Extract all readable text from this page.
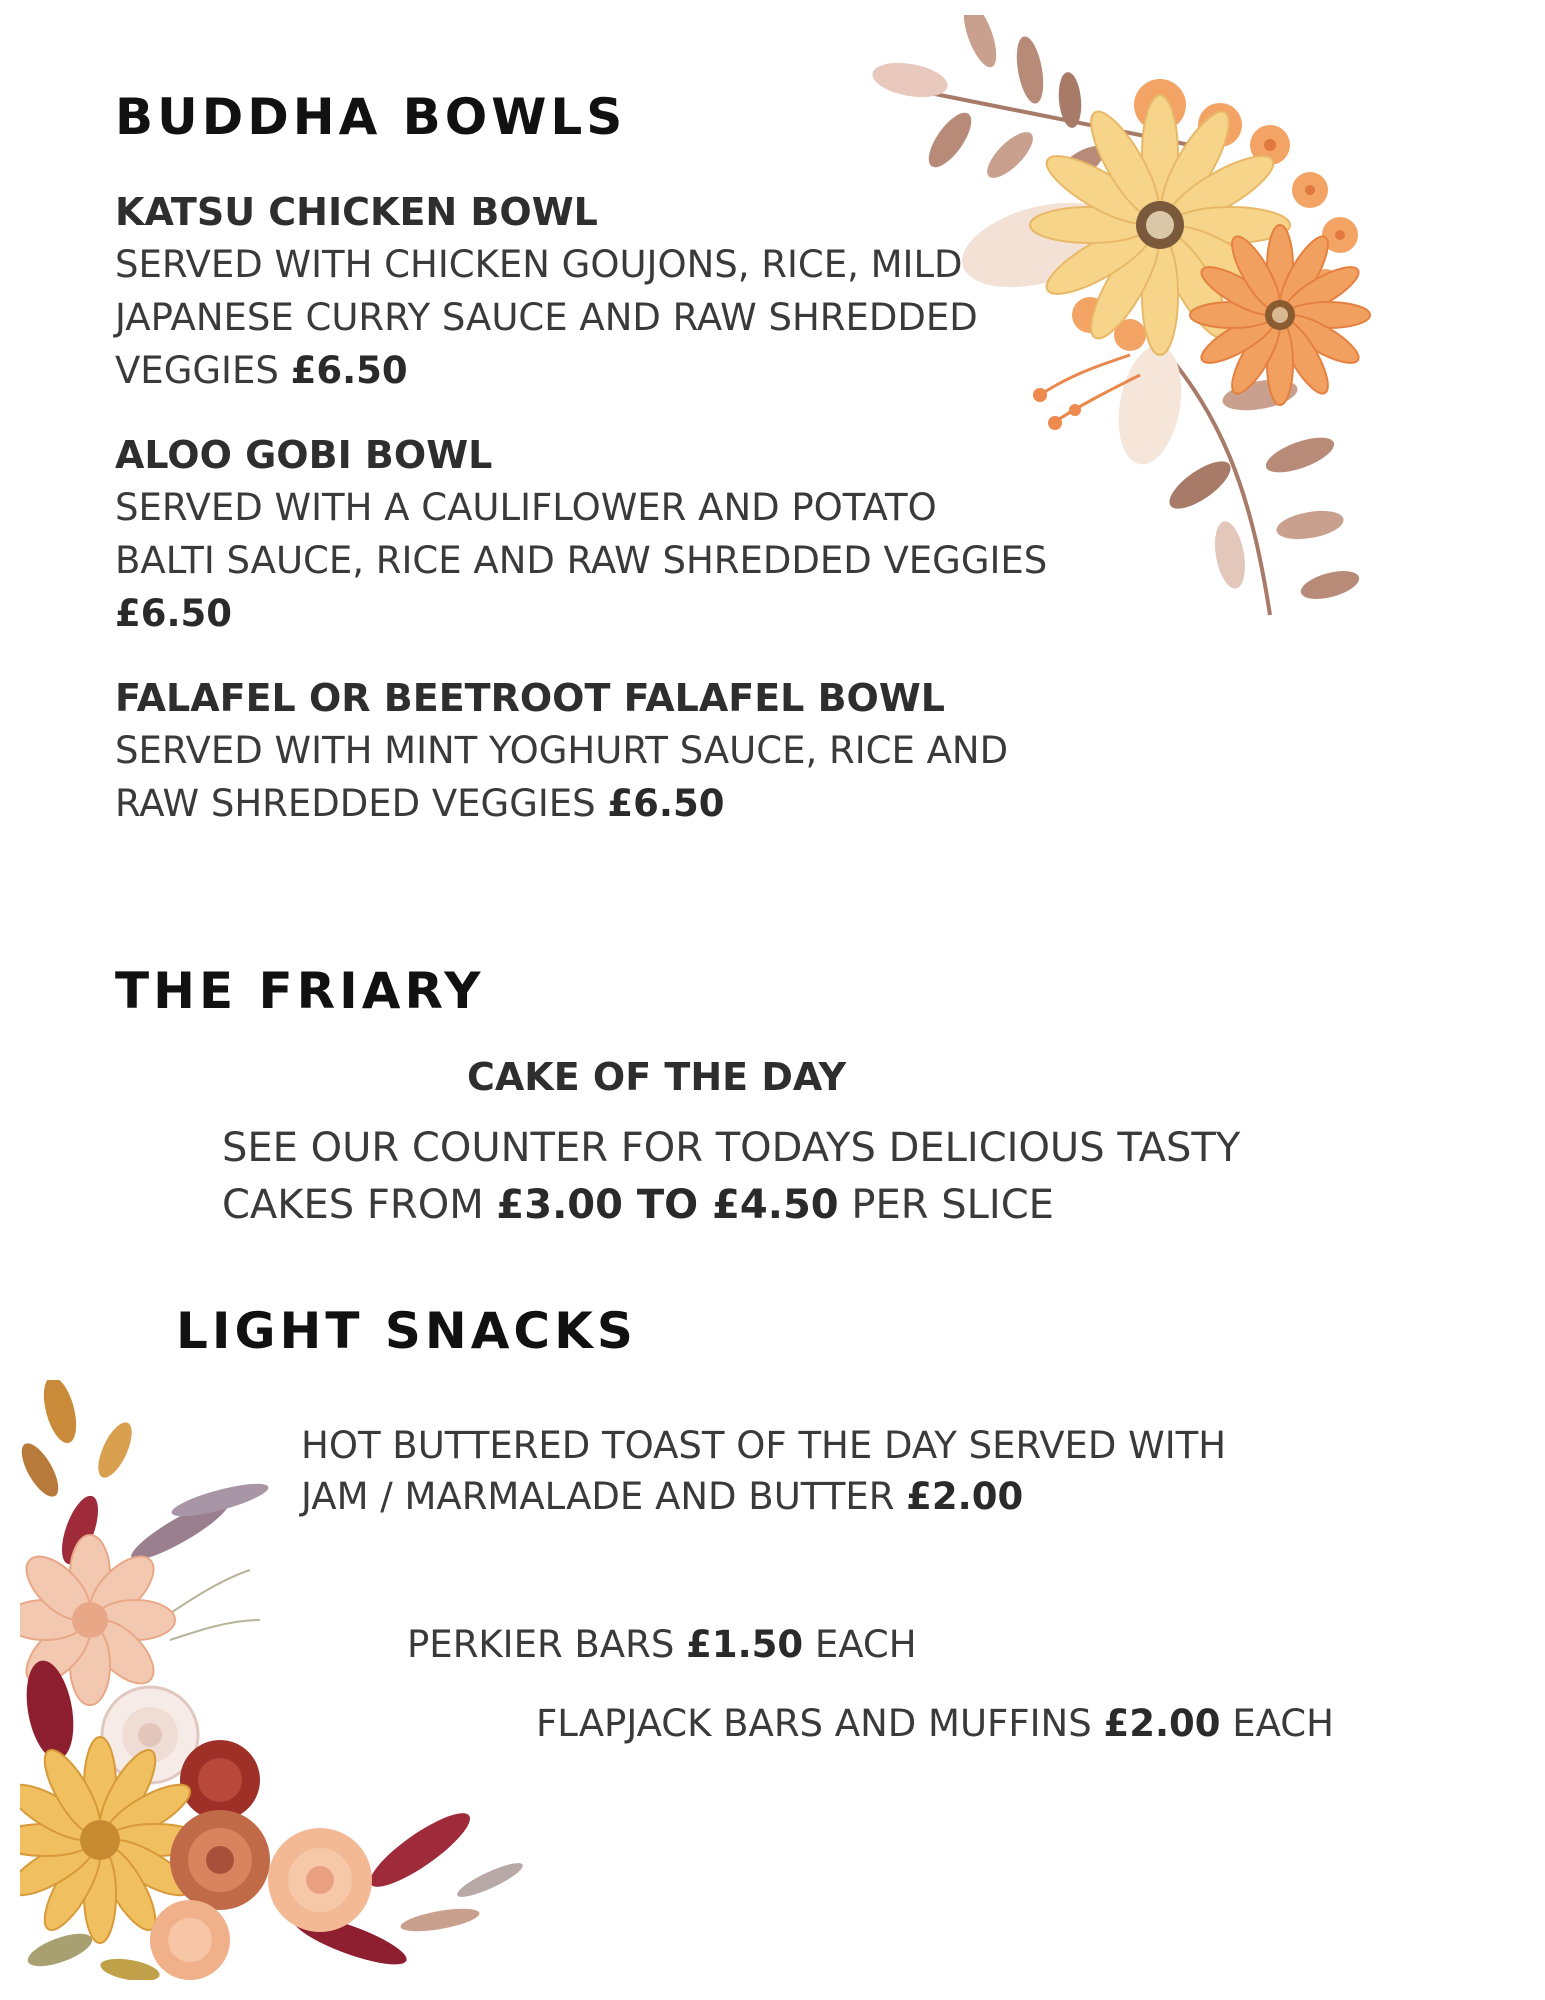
BUDDHA BOWLS
KATSU CHICKEN BOWL

SERVED WITH CHICKEN GOUJONS, RICE, MILD
JAPANESE CURRY SAUCE AND RAW SHREDDED
VEGGIES £6.50

ALOO GOBI BOWL

SERVED WITH A CAULIFLOWER AND POTATO
BALTI SAUCE, RICE AND RAW SHREDDED VEGGIES
£6.50

FALAFEL OR BEETROOT FALAFEL BOWL

SERVED WITH MINT YOGHURT SAUCE, RICE AND
RAW SHREDDED VEGGIES £6.50

THE FRIARY
CAKE OF THE DAY
SEE OUR COUNTER FOR TODAYS DELICIOUS TASTY
CAKES FROM £3.00 TO £4.50 PER SLICE
LIGHT SNACKS
HOT BUTTERED TOAST OF THE DAY SERVED WITH
JAM / MARMALADE AND BUTTER £2.00
PERKIER BARS £1.50 EACH
FLAPJACK BARS AND MUFFINS £2.00 EACH
